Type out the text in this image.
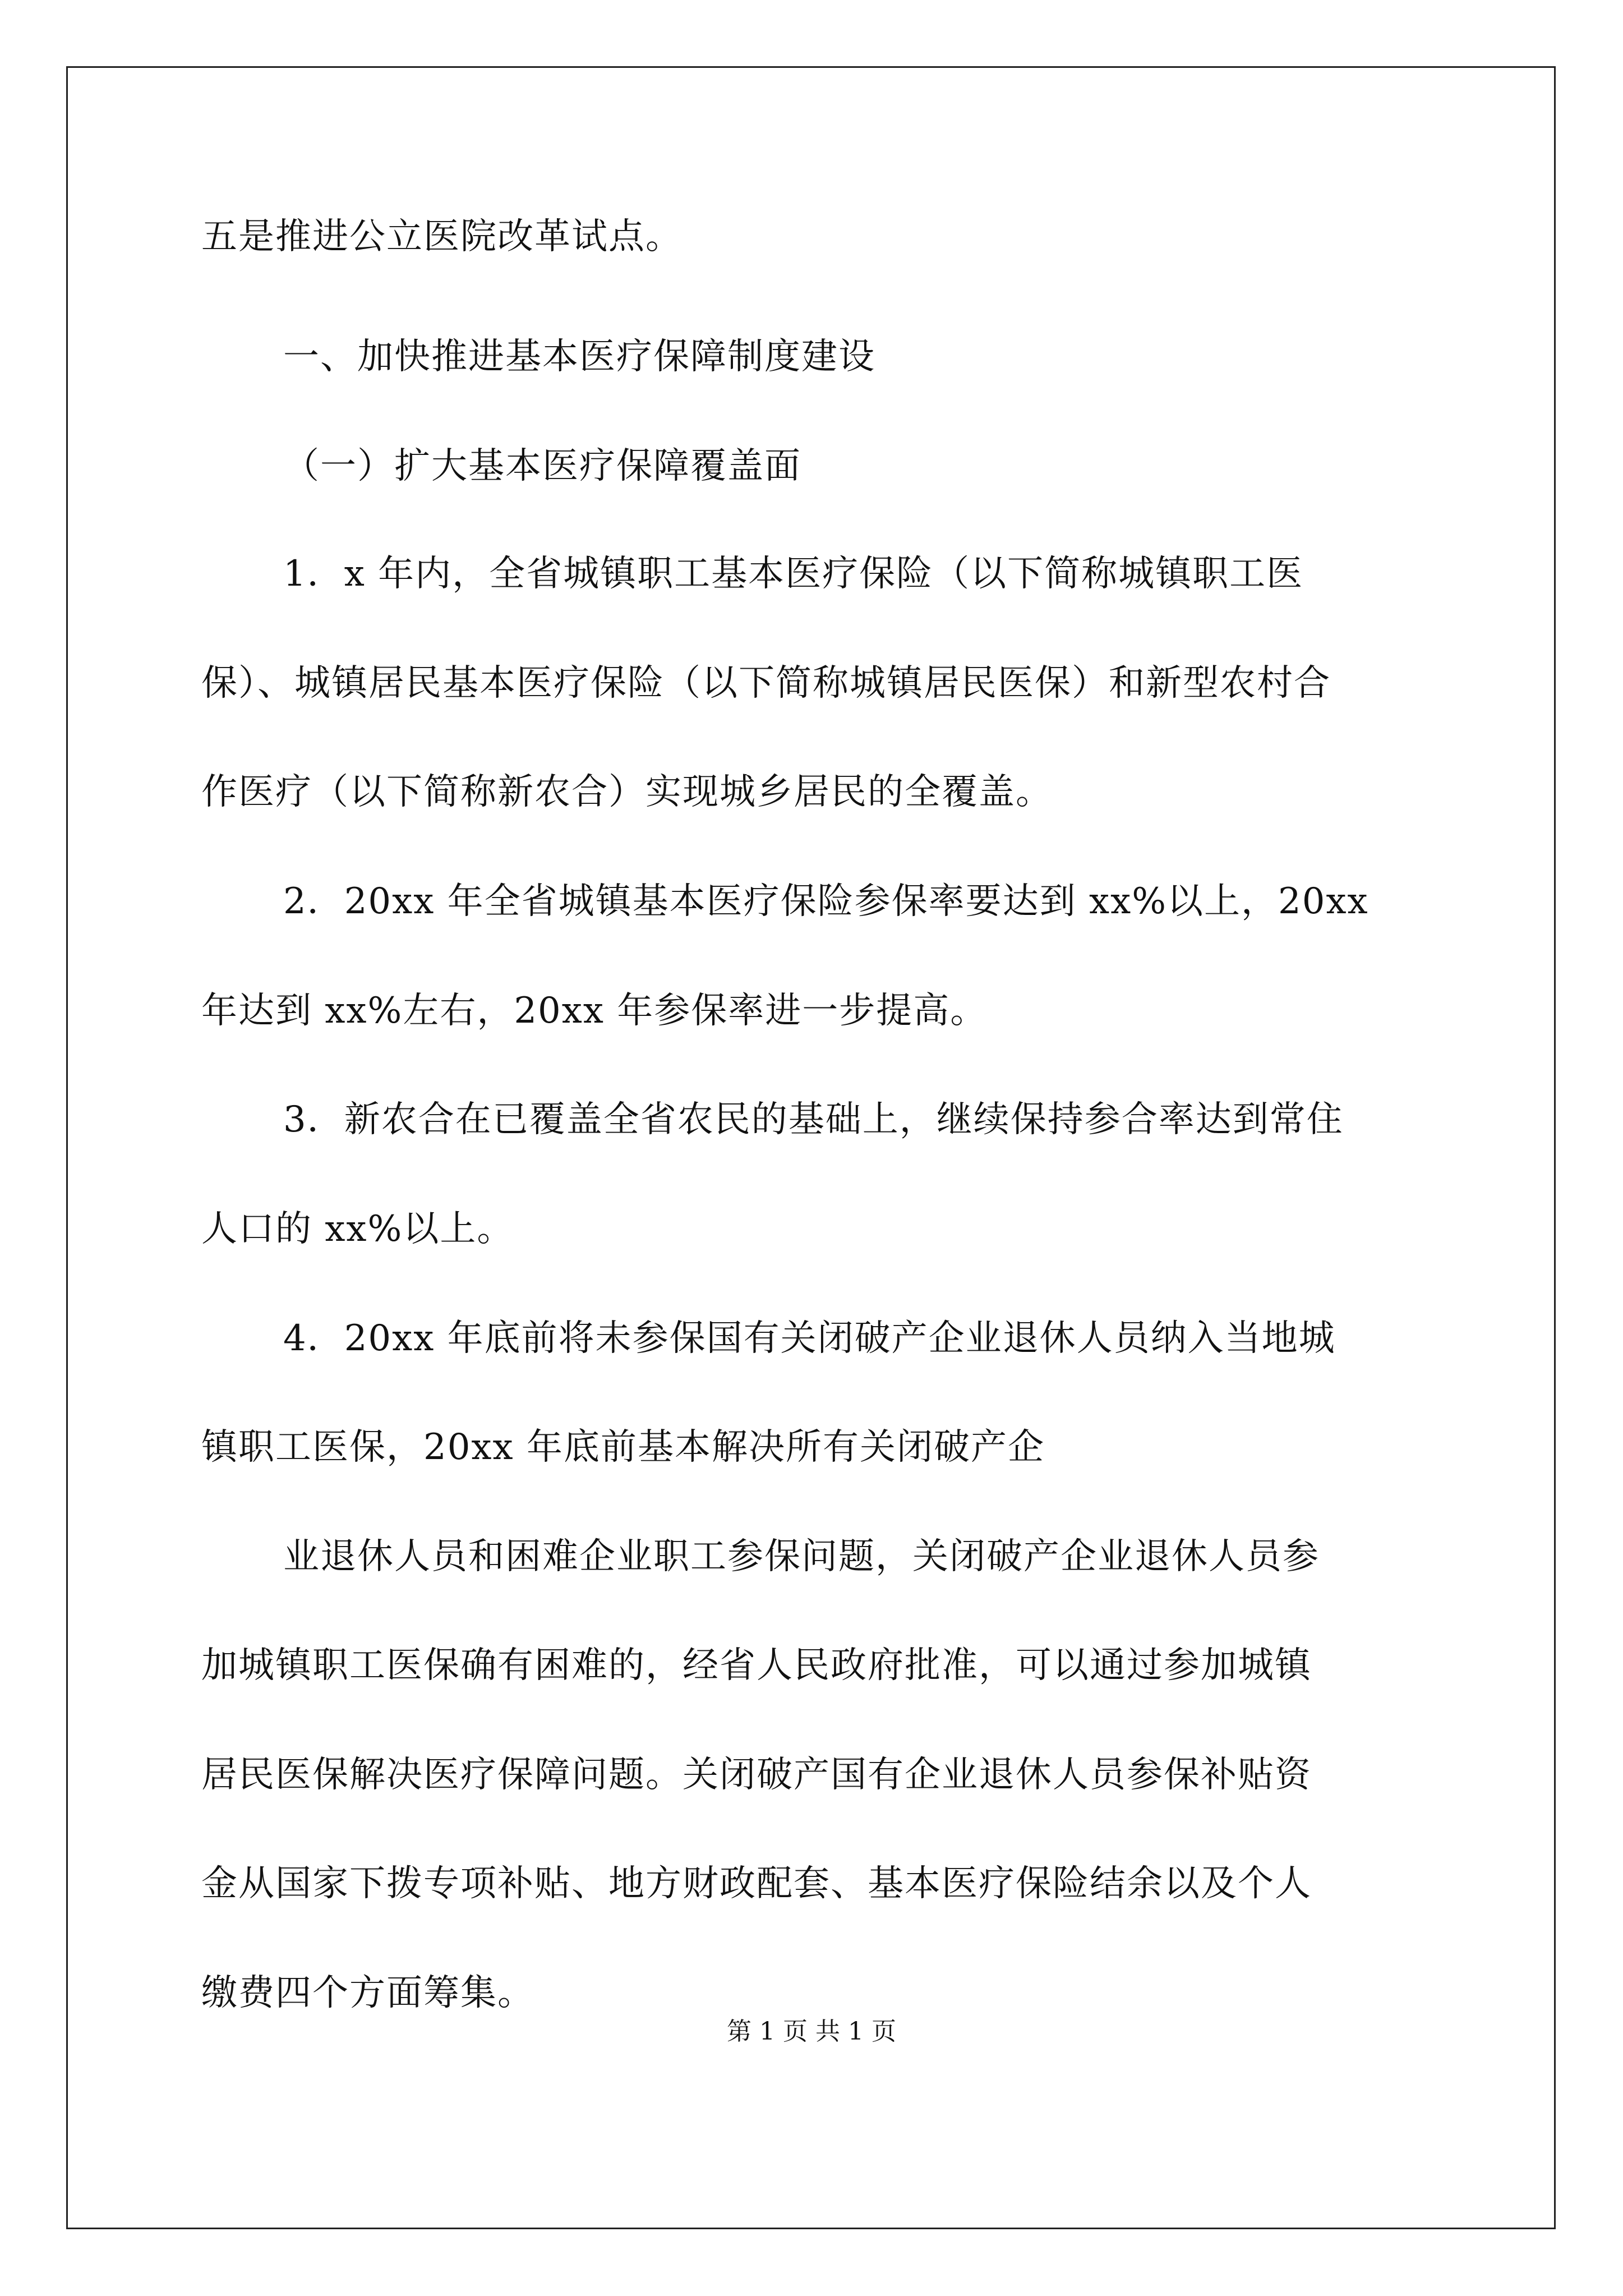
五是推进公立医院改革试点。
一、加快推进基本医疗保障制度建设
（一）扩大基本医疗保障覆盖面
1．x 年内，全省城镇职工基本医疗保险（以下简称城镇职工医
保）、城镇居民基本医疗保险（以下简称城镇居民医保）和新型农村合
作医疗（以下简称新农合）实现城乡居民的全覆盖。
2．20xx 年全省城镇基本医疗保险参保率要达到 xx%以上，20xx
年达到 xx%左右，20xx 年参保率进一步提高。
3．新农合在已覆盖全省农民的基础上，继续保持参合率达到常住
人口的 xx%以上。
4．20xx 年底前将未参保国有关闭破产企业退休人员纳入当地城
镇职工医保，20xx 年底前基本解决所有关闭破产企
业退休人员和困难企业职工参保问题，关闭破产企业退休人员参
加城镇职工医保确有困难的，经省人民政府批准，可以通过参加城镇
居民医保解决医疗保障问题。关闭破产国有企业退休人员参保补贴资
金从国家下拨专项补贴、地方财政配套、基本医疗保险结余以及个人
缴费四个方面筹集。
第 1 页 共 1 页
